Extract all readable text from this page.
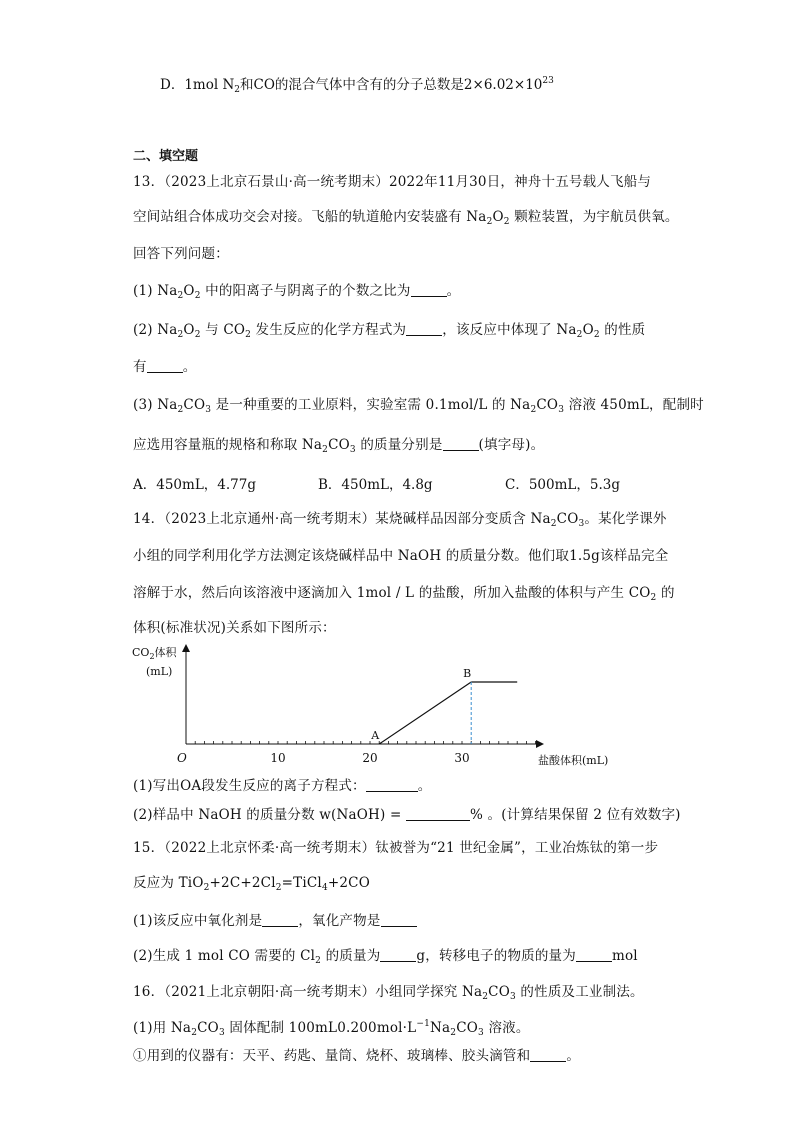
D．1mol $N_2$和CO的混合气体中含有的分子总数是$2\times 6.02\times 10^{23}$
二、填空题
13．（2023上北京石景山·高一统考期末）2022年11月30日，神舟十五号载人飞船与
空间站组合体成功交会对接。飞船的轨道舱内安装盛有 $Na_2O_2$ 颗粒装置，为宇航员供氧。
回答下列问题：
(1) $Na_2O_2$ 中的阳离子与阴离子的个数之比为	。
(2) $Na_2O_2$ 与 $CO_2$ 发生反应的化学方程式为	，该反应中体现了 $Na_2O_2$ 的性质
有	。
(3) $Na_2CO_3$ 是一种重要的工业原料，实验室需 0.1mol/L 的 $Na_2CO_3$ 溶液 450mL，配制时
应选用容量瓶的规格和称取 $Na_2CO_3$ 的质量分别是	(填字母)。
A．450mL，4.77g	B．450mL，4.8g	C．500mL，5.3g
14．（2023上北京通州·高一统考期末）某烧碱样品因部分变质含 $Na_2CO_3$。某化学课外
小组的同学利用化学方法测定该烧碱样品中 NaOH 的质量分数。他们取1.5g该样品完全
溶解于水，然后向该溶液中逐滴加入 1mol / L 的盐酸，所加入盐酸的体积与产生 $CO_2$ 的
体积(标准状况)关系如下图所示：
$CO_2$体积
(mL)
O	10	20	30	盐酸体积(mL)
A
B
(1)写出OA段发生反应的离子方程式：	。
(2)样品中 NaOH 的质量分数 w(NaOH) =	% 。(计算结果保留 2 位有效数字)
15．（2022上北京怀柔·高一统考期末）钛被誉为“21 世纪金属”，工业冶炼钛的第一步
反应为 $TiO_2+2C+2Cl_2=TiCl_4+2CO$
(1)该反应中氧化剂是	，氧化产物是
(2)生成 1 mol CO 需要的 $Cl_2$ 的质量为	g，转移电子的物质的量为	mol
16．（2021上北京朝阳·高一统考期末）小组同学探究 $Na_2CO_3$ 的性质及工业制法。
(1)用 $Na_2CO_3$ 固体配制 $100mL0.200mol\cdot L^{-1}Na_2CO_3$ 溶液。
①用到的仪器有：天平、药匙、量筒、烧杯、玻璃棒、胶头滴管和	。
